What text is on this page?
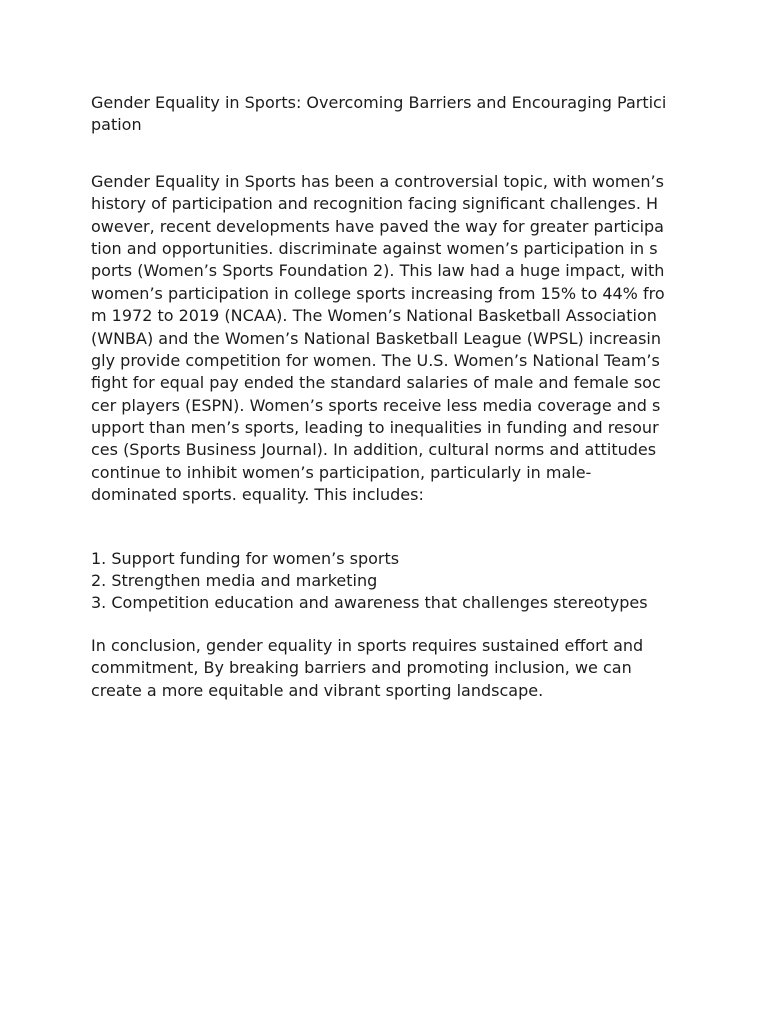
Gender Equality in Sports: Overcoming Barriers and Encouraging Partici
pation
Gender Equality in Sports has been a controversial topic, with women’s
history of participation and recognition facing significant challenges. H
owever, recent developments have paved the way for greater participa
tion and opportunities. discriminate against women’s participation in s
ports (Women’s Sports Foundation 2). This law had a huge impact, with
women’s participation in college sports increasing from 15% to 44% fro
m 1972 to 2019 (NCAA). The Women’s National Basketball Association
(WNBA) and the Women’s National Basketball League (WPSL) increasin
gly provide competition for women. The U.S. Women’s National Team’s
fight for equal pay ended the standard salaries of male and female soc
cer players (ESPN). Women’s sports receive less media coverage and s
upport than men’s sports, leading to inequalities in funding and resour
ces (Sports Business Journal). In addition, cultural norms and attitudes
continue to inhibit women’s participation, particularly in male-
dominated sports. equality. This includes:
1. Support funding for women’s sports
2. Strengthen media and marketing
3. Competition education and awareness that challenges stereotypes
In conclusion, gender equality in sports requires sustained effort and
commitment, By breaking barriers and promoting inclusion, we can
create a more equitable and vibrant sporting landscape.
